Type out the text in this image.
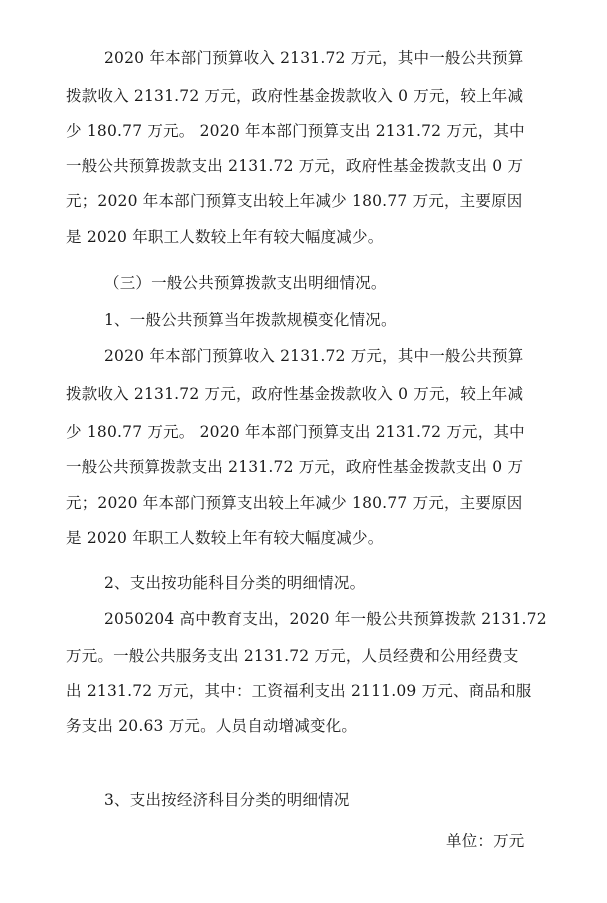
2020 年本部门预算收入 2131.72 万元，其中一般公共预算
拨款收入 2131.72 万元，政府性基金拨款收入 0 万元，较上年减
少 180.77 万元。 2020 年本部门预算支出 2131.72 万元，其中
一般公共预算拨款支出 2131.72 万元，政府性基金拨款支出 0 万
元；2020 年本部门预算支出较上年减少 180.77 万元，主要原因
是 2020 年职工人数较上年有较大幅度减少。
（三）一般公共预算拨款支出明细情况。
1、一般公共预算当年拨款规模变化情况。
2020 年本部门预算收入 2131.72 万元，其中一般公共预算
拨款收入 2131.72 万元，政府性基金拨款收入 0 万元，较上年减
少 180.77 万元。 2020 年本部门预算支出 2131.72 万元，其中
一般公共预算拨款支出 2131.72 万元，政府性基金拨款支出 0 万
元；2020 年本部门预算支出较上年减少 180.77 万元，主要原因
是 2020 年职工人数较上年有较大幅度减少。
2、支出按功能科目分类的明细情况。
2050204 高中教育支出，2020 年一般公共预算拨款 2131.72
万元。一般公共服务支出 2131.72 万元，人员经费和公用经费支
出 2131.72 万元，其中：工资福利支出 2111.09 万元、商品和服
务支出 20.63 万元。人员自动增减变化。
3、支出按经济科目分类的明细情况
单位：万元
